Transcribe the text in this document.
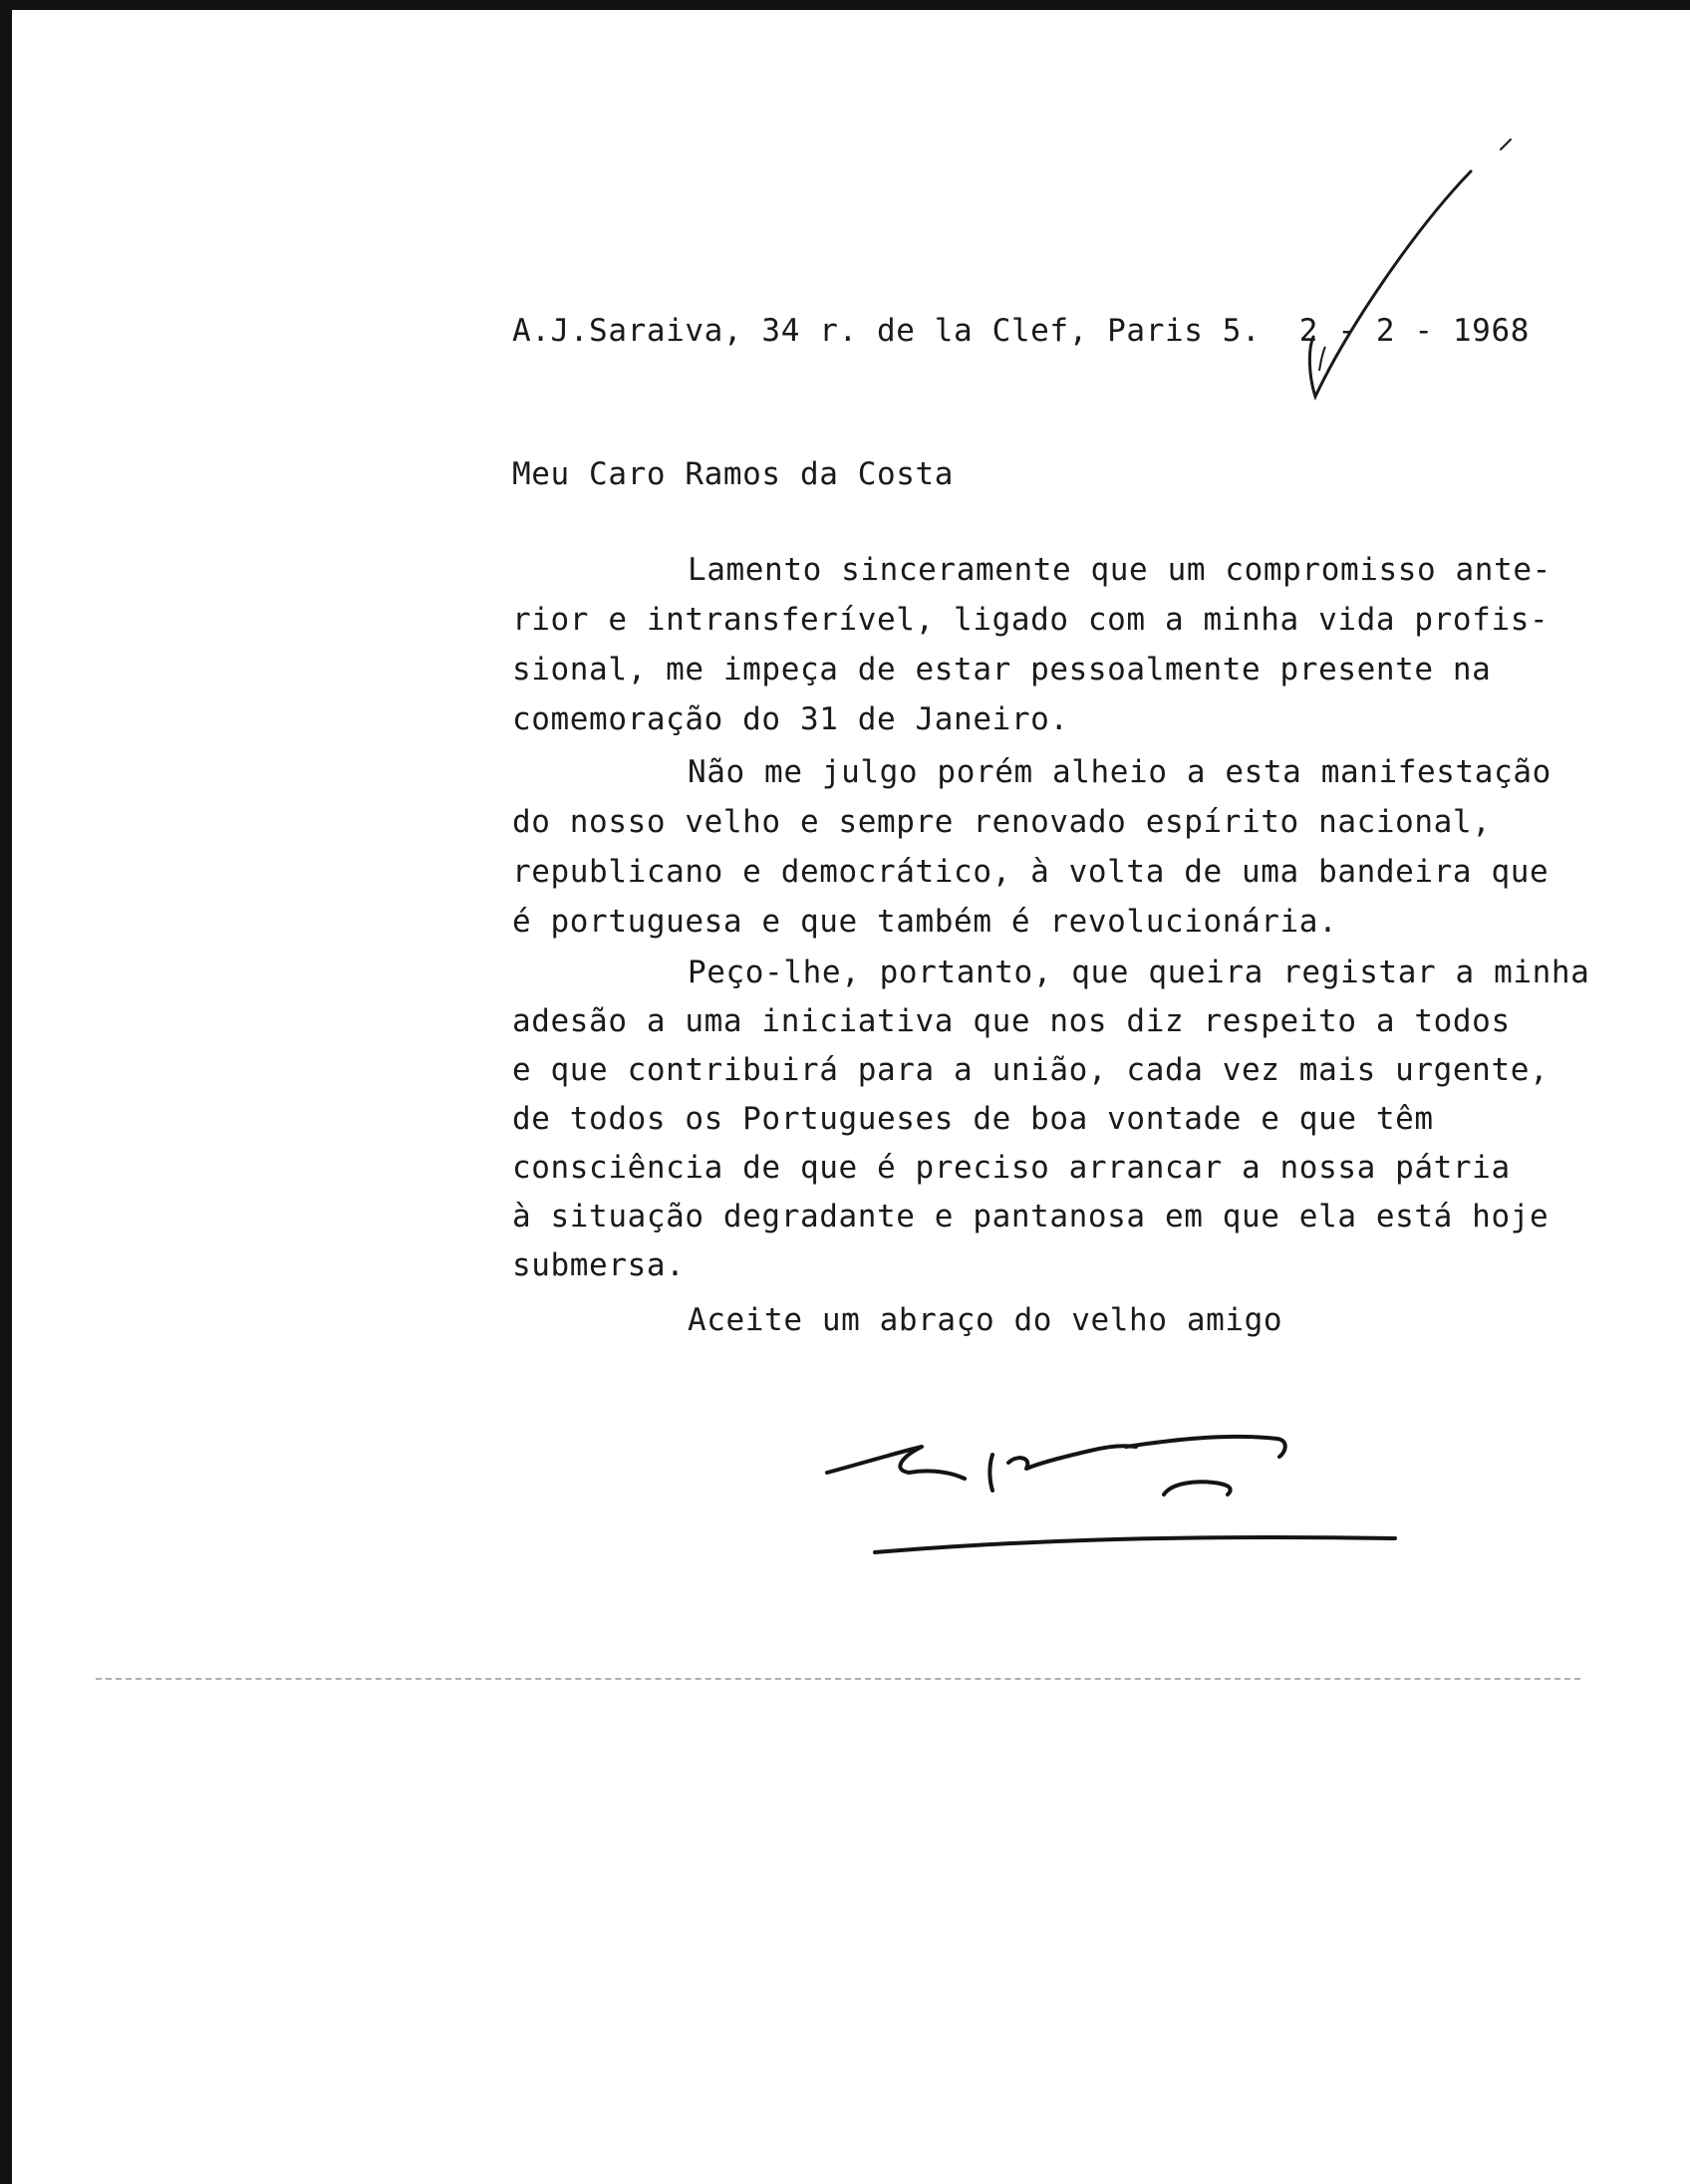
A.J.Saraiva, 34 r. de la Clef, Paris 5.  2 - 2 - 1968
Meu Caro Ramos da Costa
Lamento sinceramente que um compromisso ante-
rior e intransferível, ligado com a minha vida profis-
sional, me impeça de estar pessoalmente presente na
comemoração do 31 de Janeiro.
Não me julgo porém alheio a esta manifestação
do nosso velho e sempre renovado espírito nacional,
republicano e democrático, à volta de uma bandeira que
é portuguesa e que também é revolucionária.
Peço-lhe, portanto, que queira registar a minha
adesão a uma iniciativa que nos diz respeito a todos
e que contribuirá para a união, cada vez mais urgente,
de todos os Portugueses de boa vontade e que têm
consciência de que é preciso arrancar a nossa pátria
à situação degradante e pantanosa em que ela está hoje
submersa.
Aceite um abraço do velho amigo
